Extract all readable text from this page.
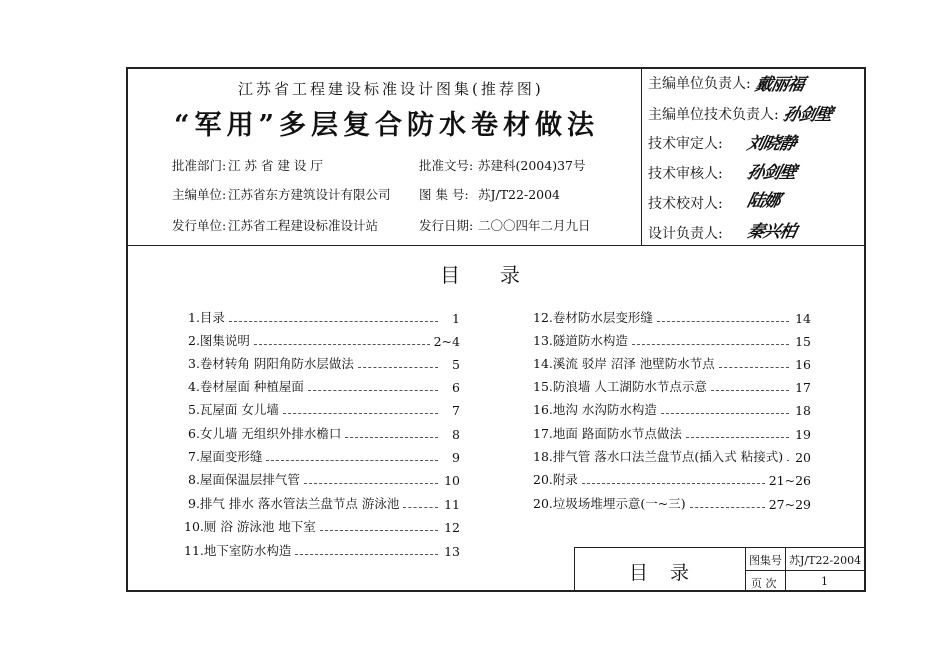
江苏省工程建设标准设计图集(推荐图)
“军用”多层复合防水卷材做法
批准部门: 江 苏 省 建 设 厅	批准文号: 苏建科(2004)37号
主编单位: 江苏省东方建筑设计有限公司 图 集 号: 苏J/T22-2004
发行单位: 江苏省工程建设标准设计站	发行日期: 二〇〇四年二月九日
主编单位负责人: 戴丽福
主编单位技术负责人: 孙剑壁
技术审定人: 刘晓静
技术审核人: 孙剑壁
技术校对人: 陆娜
设计负责人: 秦兴柏
目录
1.目录	1
2.图集说明	2~4
3.卷材转角 阴阳角防水层做法	5
4.卷材屋面 种植屋面	6
5.瓦屋面 女儿墙	7
6.女儿墙 无组织外排水檐口	8
7.屋面变形缝	9
8.屋面保温层排气管	10
9.排气 排水 落水管法兰盘节点 游泳池	11
10.厕 浴 游泳池 地下室	12
11.地下室防水构造	13
12.卷材防水层变形缝	14
13.隧道防水构造	15
14.溪流 驳岸 沼泽 池壁防水节点	16
15.防浪墙 人工湖防水节点示意	17
16.地沟 水沟防水构造	18
17.地面 路面防水节点做法	19
18.排气管 落水口法兰盘节点(插入式 粘接式) 20
20.附录	21~26
20.垃圾场堆埋示意(一~三)	27~29
目录
图集号 苏J/T22-2004
页 次	1
